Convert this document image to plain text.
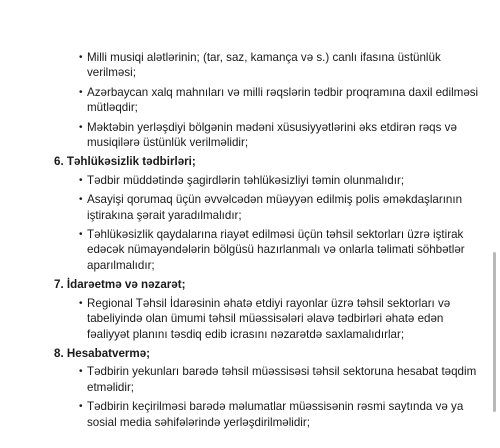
• Milli musiqi alətlərinin; (tar, saz, kamança və s.) canlı ifasına üstünlük verilməsi;
• Azərbaycan xalq mahnıları və milli rəqslərin tədbir proqramına daxil edilməsi mütləqdir;
• Məktəbin yerləşdiyi bölgənin mədəni xüsusiyyətlərini əks etdirən rəqs və musiqilərə üstünlük verilməlidir;
6. Təhlükəsizlik tədbirləri;
• Tədbir müddətində şagirdlərin təhlükəsizliyi təmin olunmalıdır;
• Asayişi qorumaq üçün əvvəlcədən müəyyən edilmiş polis əməkdaşlarının iştirakına şərait yaradılmalıdır;
• Təhlükəsizlik qaydalarına riayət edilməsi üçün təhsil sektorları üzrə iştirak edəcək nümayəndələrin bölgüsü hazırlanmalı və onlarla təlimati söhbətlər aparılmalıdır;
7. İdarəetmə və nəzarət;
• Regional Təhsil İdarəsinin əhatə etdiyi rayonlar üzrə təhsil sektorları və tabeliyində olan ümumi təhsil müəssisələri əlavə tədbirləri əhatə edən fəaliyyət planını təsdiq edib icrasını nəzarətdə saxlamalıdırlar;
8. Hesabatvermə;
• Tədbirin yekunları barədə təhsil müəssisəsi təhsil sektoruna hesabat təqdim etməlidir;
• Tədbirin keçirilməsi barədə məlumatlar müəssisənin rəsmi saytında və ya sosial media səhifələrində yerləşdirilməlidir;
